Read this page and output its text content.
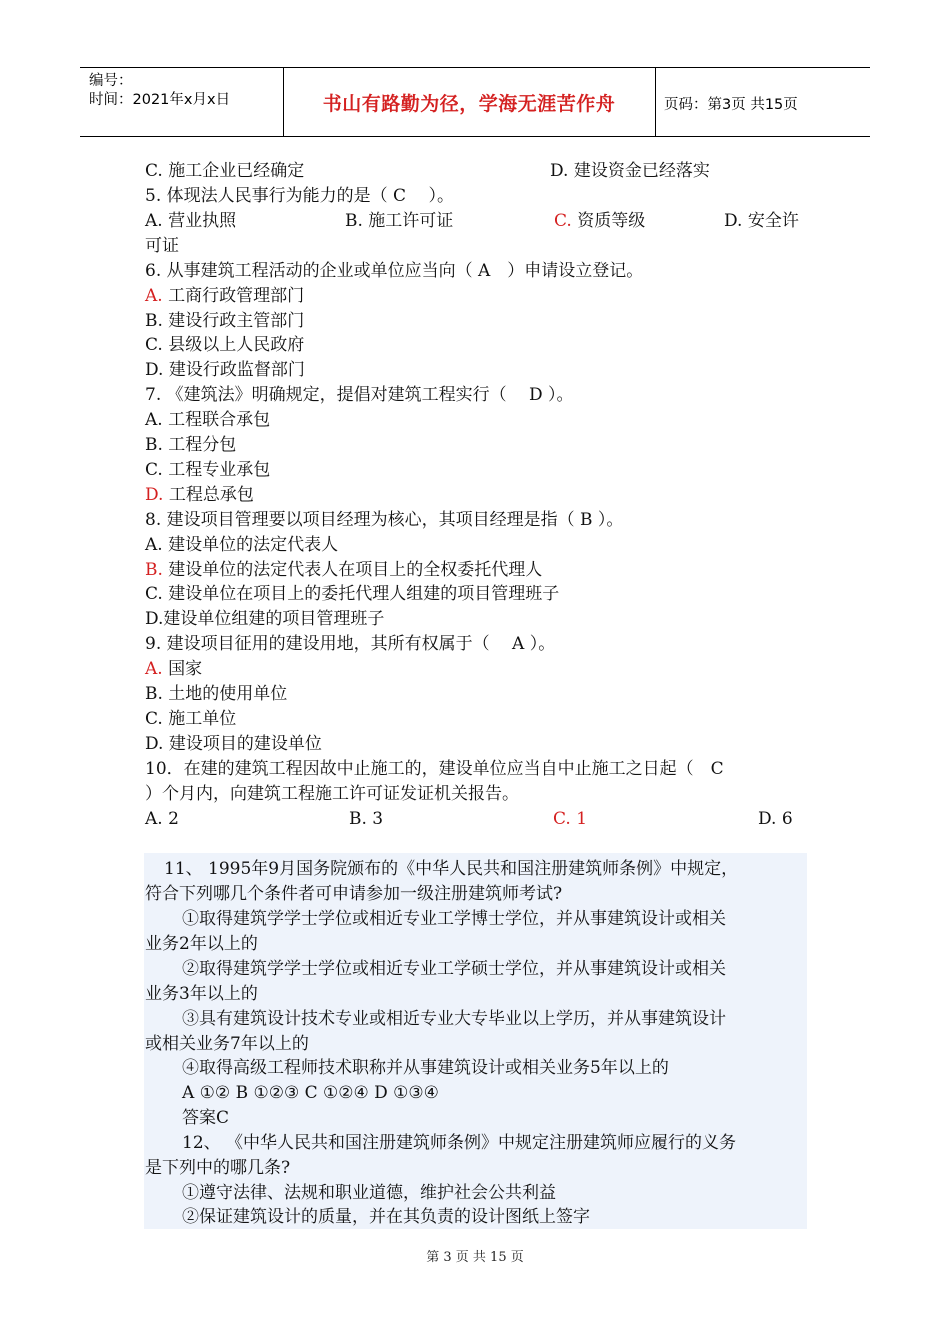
编号：
时间：2021年x月x日	书山有路勤为径，学海无涯苦作舟	页码：第3页 共15页
C. 施工企业已经确定	D. 建设资金已经落实
5. 体现法人民事行为能力的是（ C　 ）。
A. 营业执照	B. 施工许可证	C. 资质等级	D. 安全许
可证
6. 从事建筑工程活动的企业或单位应当向（ A　）申请设立登记。
A. 工商行政管理部门
B. 建设行政主管部门
C. 县级以上人民政府
D. 建设行政监督部门
7. 《建筑法》明确规定，提倡对建筑工程实行（　 D ）。
A. 工程联合承包
B. 工程分包
C. 工程专业承包
D. 工程总承包
8. 建设项目管理要以项目经理为核心，其项目经理是指（ B ）。
A. 建设单位的法定代表人
B. 建设单位的法定代表人在项目上的全权委托代理人
C. 建设单位在项目上的委托代理人组建的项目管理班子
D.建设单位组建的项目管理班子
9. 建设项目征用的建设用地，其所有权属于（　 A ）。
A. 国家
B. 土地的使用单位
C. 施工单位
D. 建设项目的建设单位
10．在建的建筑工程因故中止施工的，建设单位应当自中止施工之日起（　C
）个月内，向建筑工程施工许可证发证机关报告。
A. 2	B. 3	C. 1	D. 6
11、 1995年9月国务院颁布的《中华人民共和国注册建筑师条例》中规定，
符合下列哪几个条件者可申请参加一级注册建筑师考试?
①取得建筑学学士学位或相近专业工学博士学位，并从事建筑设计或相关
业务2年以上的
②取得建筑学学士学位或相近专业工学硕士学位，并从事建筑设计或相关
业务3年以上的
③具有建筑设计技术专业或相近专业大专毕业以上学历，并从事建筑设计
或相关业务7年以上的
④取得高级工程师技术职称并从事建筑设计或相关业务5年以上的
A ①② B ①②③ C ①②④ D ①③④
答案C
12、 《中华人民共和国注册建筑师条例》中规定注册建筑师应履行的义务
是下列中的哪几条?
①遵守法律、法规和职业道德，维护社会公共利益
②保证建筑设计的质量，并在其负责的设计图纸上签字
第 3 页 共 15 页
